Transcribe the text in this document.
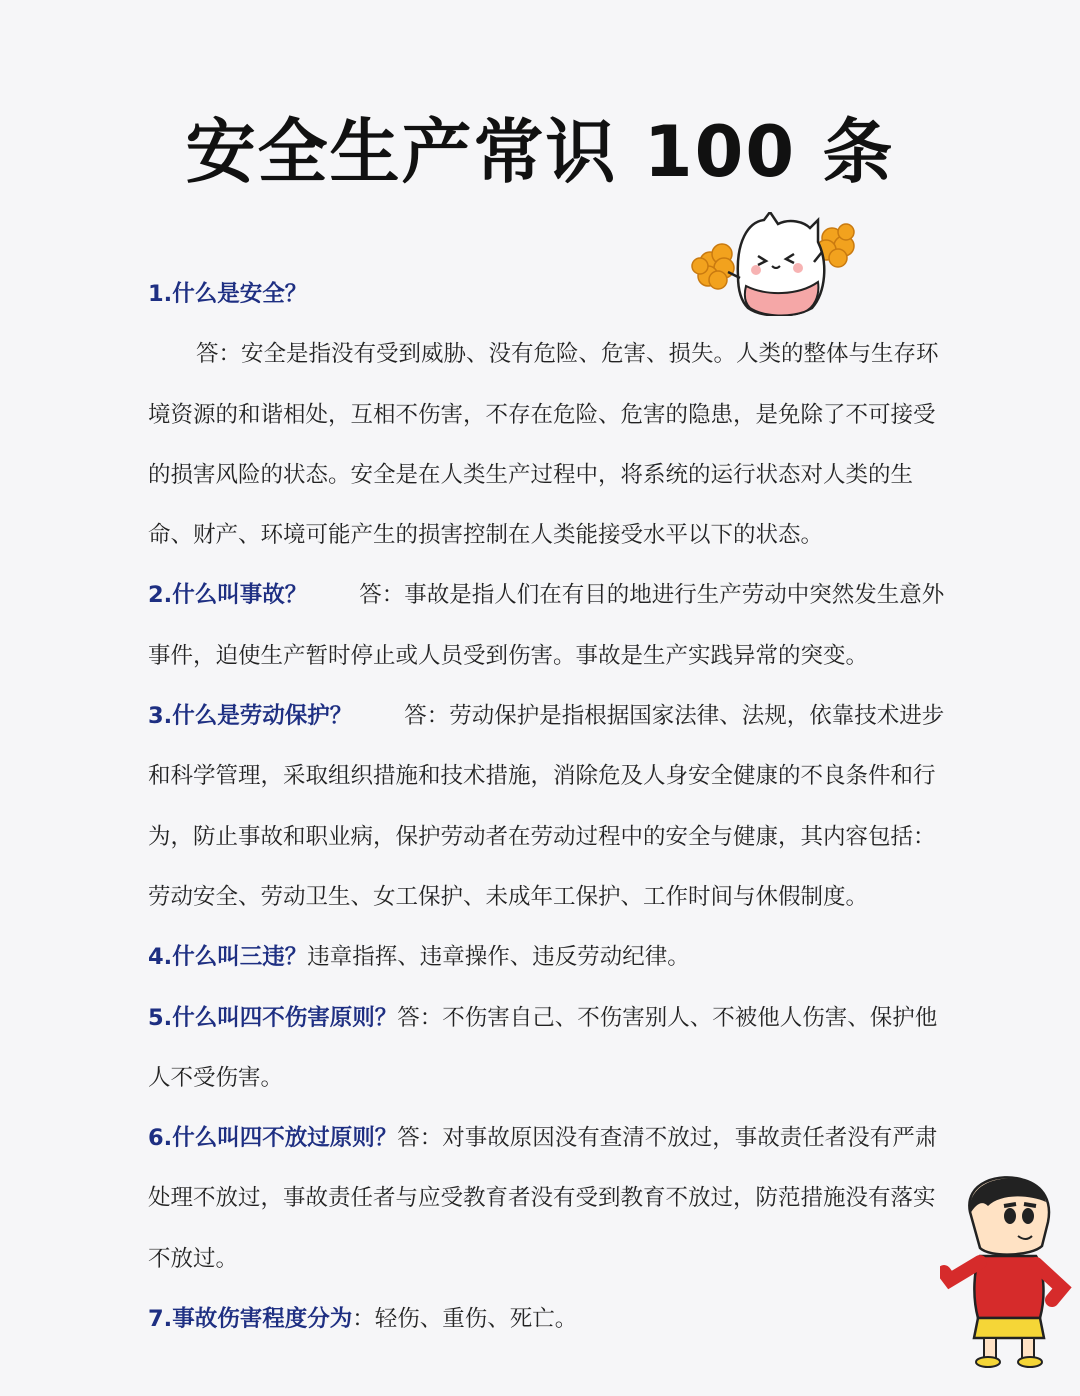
安全生产常识 100 条

1.什么是安全？

答：安全是指没有受到威胁、没有危险、危害、损失。人类的整体与生存环境资源的和谐相处，互相不伤害，不存在危险、危害的隐患，是免除了不可接受的损害风险的状态。安全是在人类生产过程中，将系统的运行状态对人类的生命、财产、环境可能产生的损害控制在人类能接受水平以下的状态。

2.什么叫事故？ 答：事故是指人们在有目的地进行生产劳动中突然发生意外事件，迫使生产暂时停止或人员受到伤害。事故是生产实践异常的突变。

3.什么是劳动保护？ 答：劳动保护是指根据国家法律、法规，依靠技术进步和科学管理，采取组织措施和技术措施，消除危及人身安全健康的不良条件和行为，防止事故和职业病，保护劳动者在劳动过程中的安全与健康，其内容包括：劳动安全、劳动卫生、女工保护、未成年工保护、工作时间与休假制度。

4.什么叫三违？违章指挥、违章操作、违反劳动纪律。

5.什么叫四不伤害原则？答：不伤害自己、不伤害别人、不被他人伤害、保护他人不受伤害。

6.什么叫四不放过原则？答：对事故原因没有查清不放过，事故责任者没有严肃处理不放过，事故责任者与应受教育者没有受到教育不放过，防范措施没有落实不放过。

7.事故伤害程度分为：轻伤、重伤、死亡。
